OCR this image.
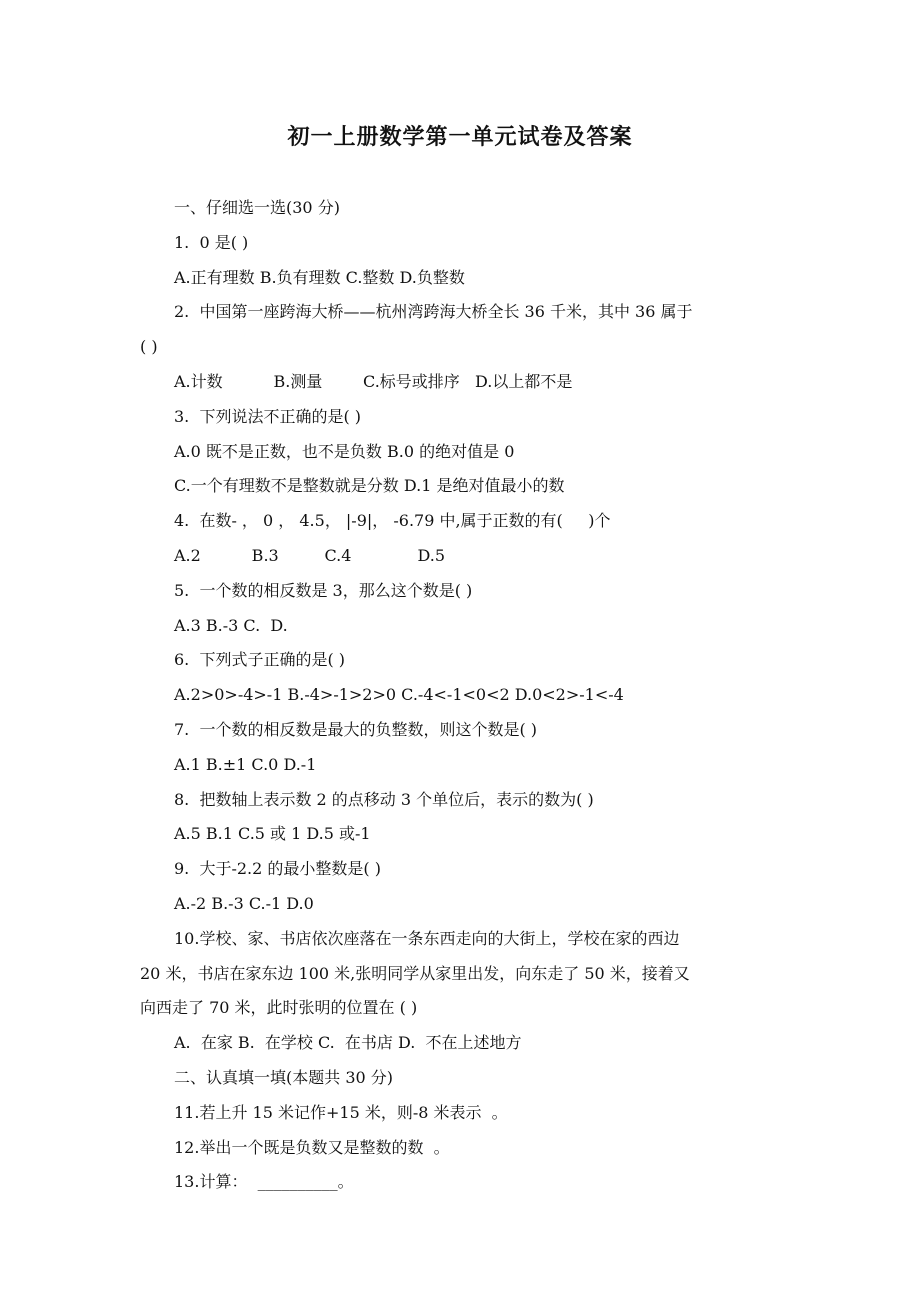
初一上册数学第一单元试卷及答案
一、仔细选一选(30 分)
1.  0 是( )
A.正有理数 B.负有理数 C.整数 D.负整数
2.  中国第一座跨海大桥——杭州湾跨海大桥全长 36 千米，其中 36 属于
( )
A.计数          B.测量        C.标号或排序   D.以上都不是
3.  下列说法不正确的是( )
A.0 既不是正数，也不是负数 B.0 的绝对值是 0
C.一个有理数不是整数就是分数 D.1 是绝对值最小的数
4.  在数- ， 0 ， 4.5， |-9|， -6.79 中,属于正数的有(     )个
A.2          B.3         C.4             D.5
5.  一个数的相反数是 3，那么这个数是( )
A.3 B.-3 C.  D.
6.  下列式子正确的是( )
A.2>0>-4>-1 B.-4>-1>2>0 C.-4<-1<0<2 D.0<2>-1<-4
7.  一个数的相反数是最大的负整数，则这个数是( )
A.1 B.±1 C.0 D.-1
8.  把数轴上表示数 2 的点移动 3 个单位后，表示的数为( )
A.5 B.1 C.5 或 1 D.5 或-1
9.  大于-2.2 的最小整数是( )
A.-2 B.-3 C.-1 D.0
10.学校、家、书店依次座落在一条东西走向的大街上，学校在家的西边
20 米，书店在家东边 100 米,张明同学从家里出发，向东走了 50 米，接着又
向西走了 70 米，此时张明的位置在 ( )
A.  在家 B.  在学校 C.  在书店 D.  不在上述地方
二、认真填一填(本题共 30 分)
11.若上升 15 米记作+15 米，则-8 米表示  。
12.举出一个既是负数又是整数的数  。
13.计算：  __________。
